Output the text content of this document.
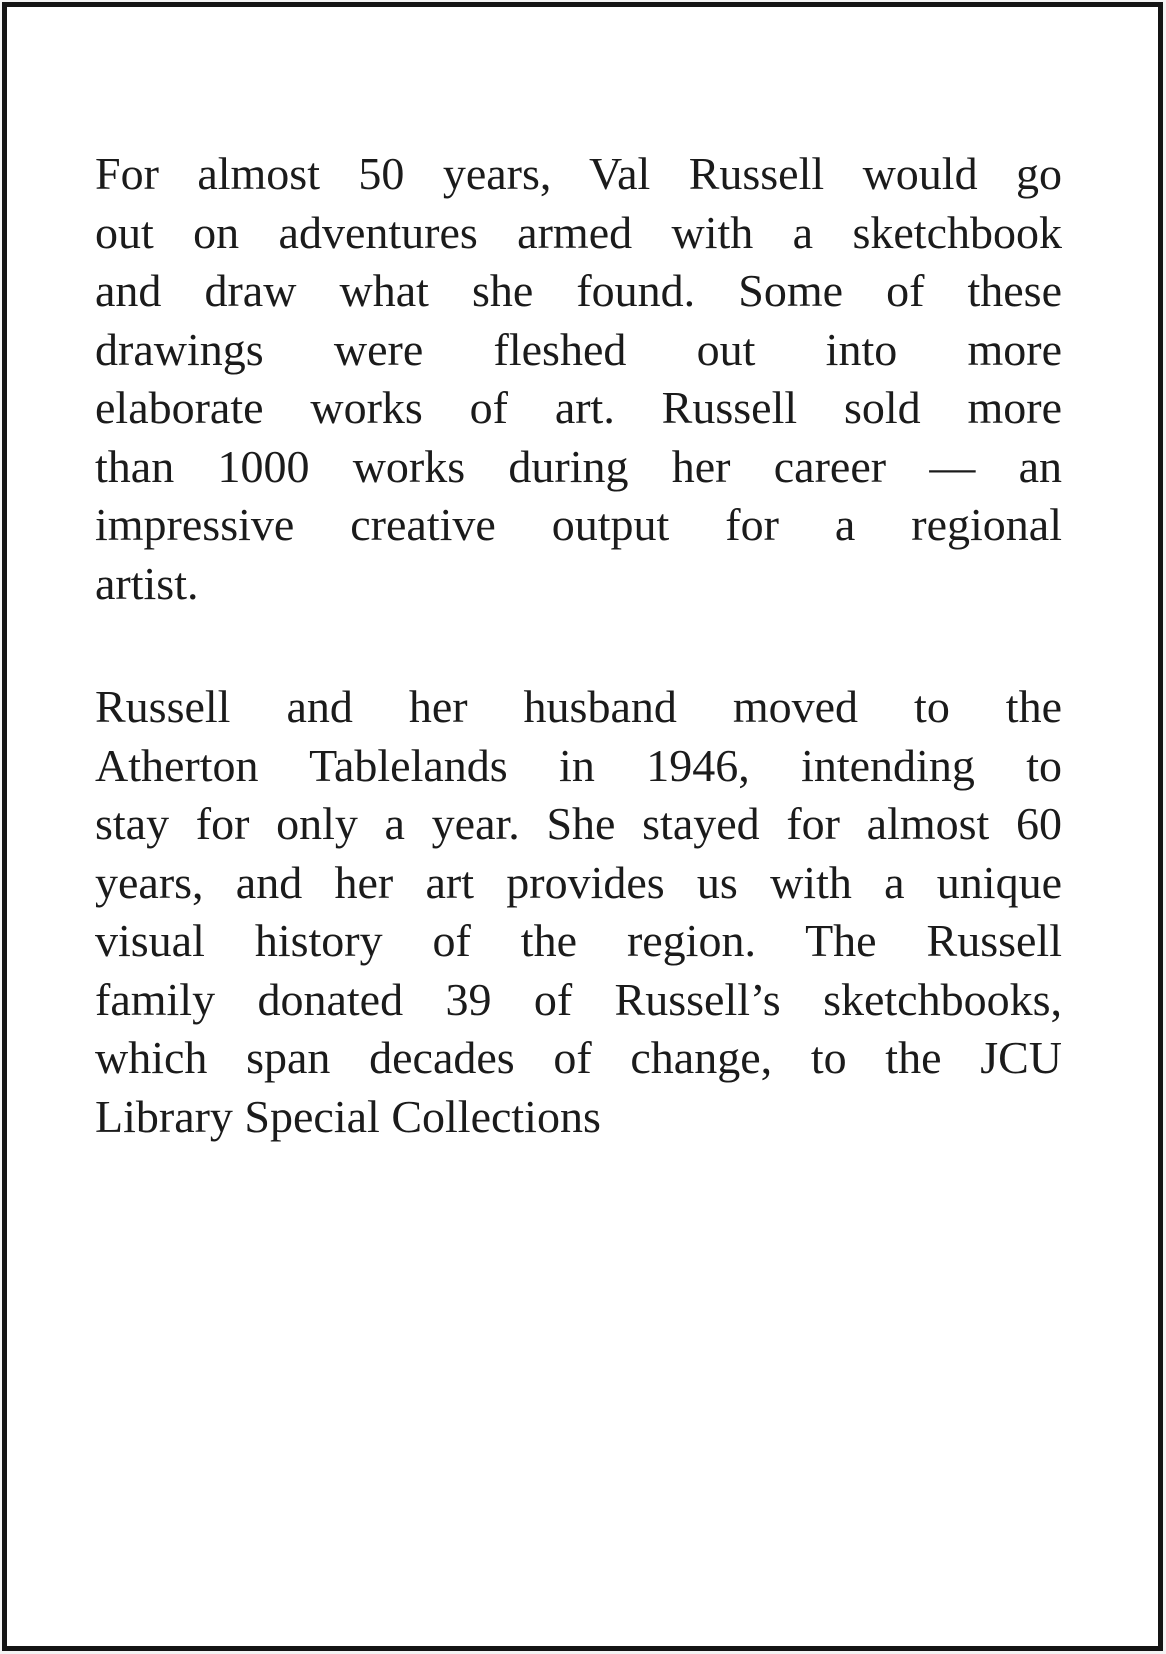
For almost 50 years, Val Russell would go
out on adventures armed with a sketchbook
and draw what she found. Some of these
drawings were fleshed out into more
elaborate works of art. Russell sold more
than 1000 works during her career — an
impressive creative output for a regional
artist.
Russell and her husband moved to the
Atherton Tablelands in 1946, intending to
stay for only a year. She stayed for almost 60
years, and her art provides us with a unique
visual history of the region. The Russell
family donated 39 of Russell’s sketchbooks,
which span decades of change, to the JCU
Library Special Collections
